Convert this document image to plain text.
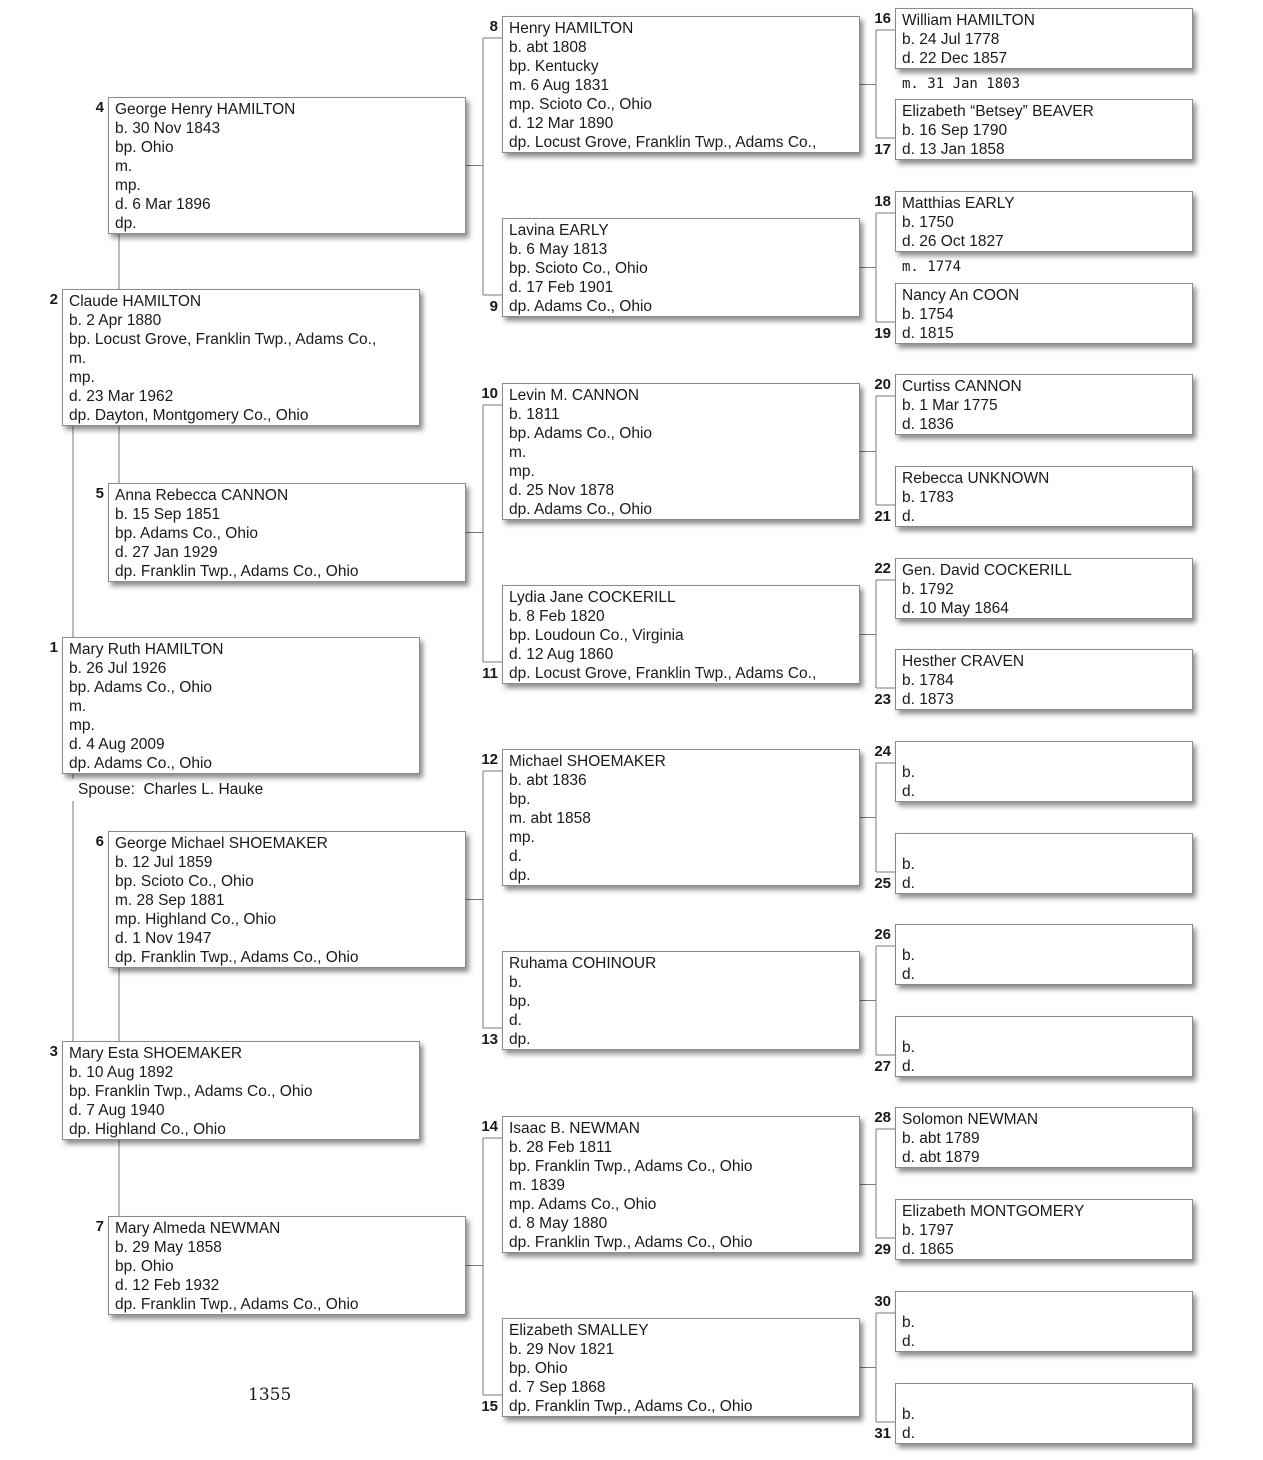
Spouse: Charles L. Hauke
1355
Mary Ruth HAMILTON
b. 26 Jul 1926
bp. Adams Co., Ohio
m.
mp.
d. 4 Aug 2009
dp. Adams Co., Ohio
1
Claude HAMILTON
b. 2 Apr 1880
bp. Locust Grove, Franklin Twp., Adams Co.,
m.
mp.
d. 23 Mar 1962
dp. Dayton, Montgomery Co., Ohio
2
Mary Esta SHOEMAKER
b. 10 Aug 1892
bp. Franklin Twp., Adams Co., Ohio
d. 7 Aug 1940
dp. Highland Co., Ohio
3
George Henry HAMILTON
b. 30 Nov 1843
bp. Ohio
m.
mp.
d. 6 Mar 1896
dp.
4
Anna Rebecca CANNON
b. 15 Sep 1851
bp. Adams Co., Ohio
d. 27 Jan 1929
dp. Franklin Twp., Adams Co., Ohio
5
George Michael SHOEMAKER
b. 12 Jul 1859
bp. Scioto Co., Ohio
m. 28 Sep 1881
mp. Highland Co., Ohio
d. 1 Nov 1947
dp. Franklin Twp., Adams Co., Ohio
6
Mary Almeda NEWMAN
b. 29 May 1858
bp. Ohio
d. 12 Feb 1932
dp. Franklin Twp., Adams Co., Ohio
7
Henry HAMILTON
b. abt 1808
bp. Kentucky
m. 6 Aug 1831
mp. Scioto Co., Ohio
d. 12 Mar 1890
dp. Locust Grove, Franklin Twp., Adams Co.,
8
Lavina EARLY
b. 6 May 1813
bp. Scioto Co., Ohio
d. 17 Feb 1901
dp. Adams Co., Ohio
9
Levin M. CANNON
b. 1811
bp. Adams Co., Ohio
m.
mp.
d. 25 Nov 1878
dp. Adams Co., Ohio
10
Lydia Jane COCKERILL
b. 8 Feb 1820
bp. Loudoun Co., Virginia
d. 12 Aug 1860
dp. Locust Grove, Franklin Twp., Adams Co.,
11
Michael SHOEMAKER
b. abt 1836
bp.
m. abt 1858
mp.
d.
dp.
12
Ruhama COHINOUR
b.
bp.
d.
dp.
13
Isaac B. NEWMAN
b. 28 Feb 1811
bp. Franklin Twp., Adams Co., Ohio
m. 1839
mp. Adams Co., Ohio
d. 8 May 1880
dp. Franklin Twp., Adams Co., Ohio
14
Elizabeth SMALLEY
b. 29 Nov 1821
bp. Ohio
d. 7 Sep 1868
dp. Franklin Twp., Adams Co., Ohio
15
William HAMILTON
b. 24 Jul 1778
d. 22 Dec 1857
16
Elizabeth “Betsey” BEAVER
b. 16 Sep 1790
d. 13 Jan 1858
17
Matthias EARLY
b. 1750
d. 26 Oct 1827
18
Nancy An COON
b. 1754
d. 1815
19
Curtiss CANNON
b. 1 Mar 1775
d. 1836
20
Rebecca UNKNOWN
b. 1783
d.
21
Gen. David COCKERILL
b. 1792
d. 10 May 1864
22
Hesther CRAVEN
b. 1784
d. 1873
23
b.
d.
24
b.
d.
25
b.
d.
26
b.
d.
27
Solomon NEWMAN
b. abt 1789
d. abt 1879
28
Elizabeth MONTGOMERY
b. 1797
d. 1865
29
b.
d.
30
b.
d.
31
m. 31 Jan 1803
m. 1774
